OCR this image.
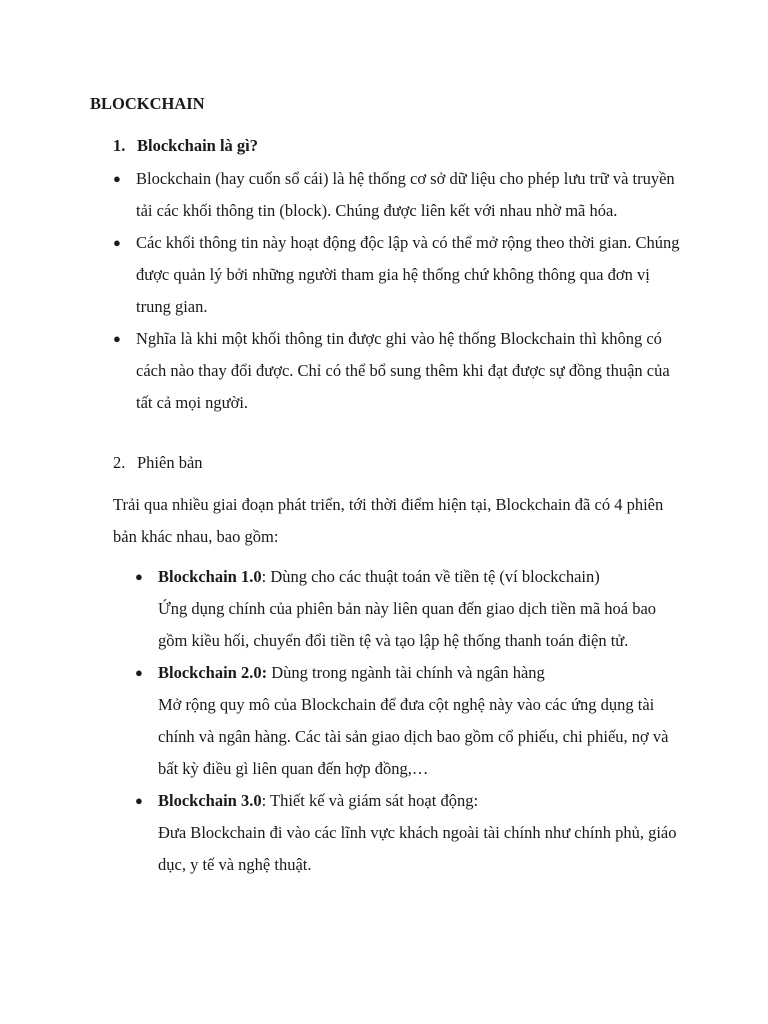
BLOCKCHAIN

1. Blockchain là gì?

● Blockchain (hay cuốn sổ cái) là hệ thống cơ sở dữ liệu cho phép lưu trữ và truyền tải các khối thông tin (block). Chúng được liên kết với nhau nhờ mã hóa.
● Các khối thông tin này hoạt động độc lập và có thể mở rộng theo thời gian. Chúng được quản lý bởi những người tham gia hệ thống chứ không thông qua đơn vị trung gian.
● Nghĩa là khi một khối thông tin được ghi vào hệ thống Blockchain thì không có cách nào thay đổi được. Chỉ có thể bổ sung thêm khi đạt được sự đồng thuận của tất cả mọi người.

2. Phiên bản

Trải qua nhiều giai đoạn phát triển, tới thời điểm hiện tại, Blockchain đã có 4 phiên bản khác nhau, bao gồm:

● Blockchain 1.0: Dùng cho các thuật toán về tiền tệ (ví blockchain)
Ứng dụng chính của phiên bản này liên quan đến giao dịch tiền mã hoá bao gồm kiều hối, chuyển đổi tiền tệ và tạo lập hệ thống thanh toán điện tử.
● Blockchain 2.0: Dùng trong ngành tài chính và ngân hàng
Mở rộng quy mô của Blockchain để đưa cột nghệ này vào các ứng dụng tài chính và ngân hàng. Các tài sản giao dịch bao gồm cổ phiếu, chi phiếu, nợ và bất kỳ điều gì liên quan đến hợp đồng,…
● Blockchain 3.0: Thiết kế và giám sát hoạt động:
Đưa Blockchain đi vào các lĩnh vực khách ngoài tài chính như chính phủ, giáo dục, y tế và nghệ thuật.
